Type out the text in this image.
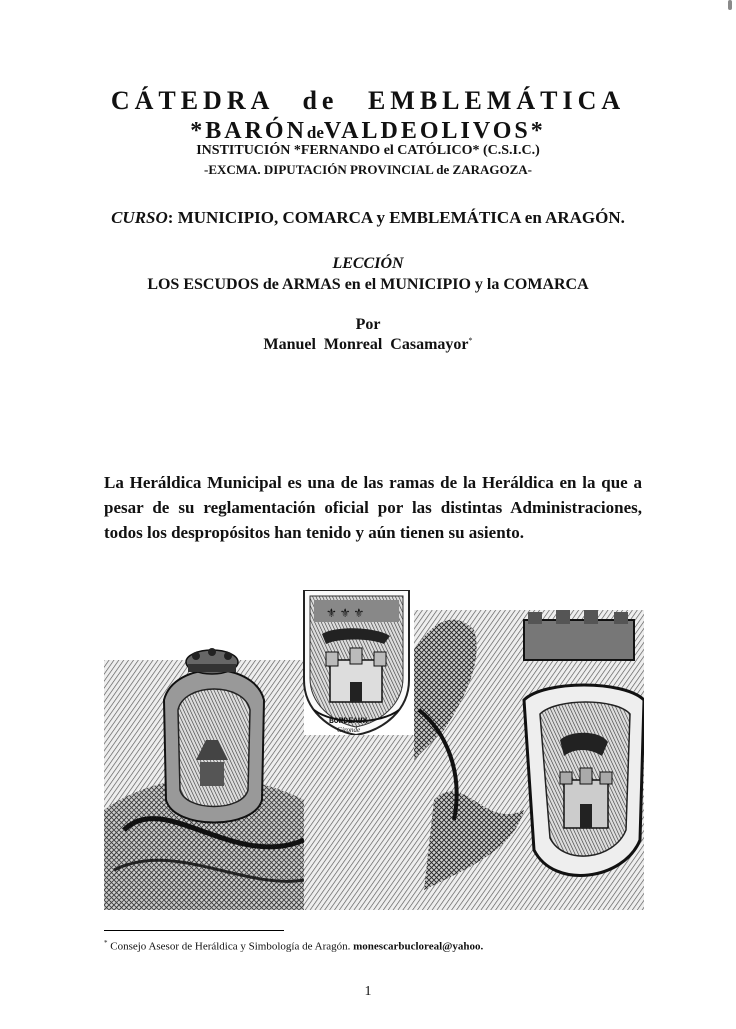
CÁTEDRA de EMBLEMÁTICA
*BARÓNdeVALDEOLIVOS*
INSTITUCIÓN *FERNANDO el CATÓLICO* (C.S.I.C.)
-EXCMA. DIPUTACIÓN PROVINCIAL de ZARAGOZA-
CURSO: MUNICIPIO, COMARCA y EMBLEMÁTICA en ARAGÓN.
LECCIÓN
LOS ESCUDOS de ARMAS en el MUNICIPIO y la COMARCA
Por
Manuel Monreal Casamayor*
La Heráldica Municipal es una de las ramas de la Heráldica en la que a pesar de su reglamentación oficial por las distintas Administraciones, todos los despropósitos han tenido y aún tienen su asiento.
⚜ ⚜ ⚜
BORDEAUX
Gironde
* Consejo Asesor de Heráldica y Simbología de Aragón. monescarbucloreal@yahoo.
1
